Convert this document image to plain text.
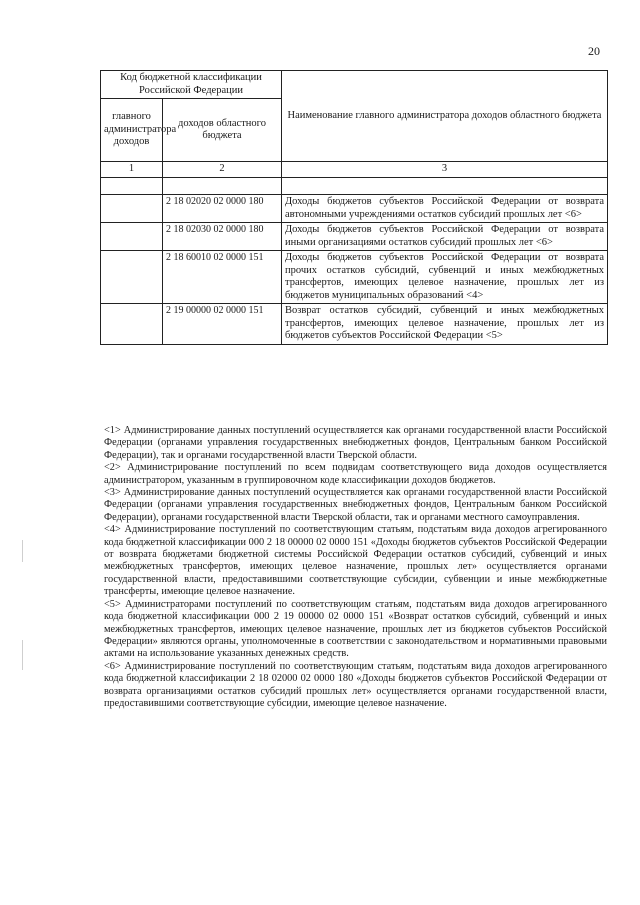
20
Код бюджетной классификации Российской Федерации		Наименование главного администратора доходов областного бюджета
главного администратора доходов	доходов областного бюджета	
1	2	3

	2 18 02020 02 0000 180	Доходы бюджетов субъектов Российской Федерации от возврата автономными учреждениями остатков субсидий прошлых лет <6>
	2 18 02030 02 0000 180	Доходы бюджетов субъектов Российской Федерации от возврата иными организациями остатков субсидий прошлых лет <6>
	2 18 60010 02 0000 151	Доходы бюджетов субъектов Российской Федерации от возврата прочих остатков субсидий, субвенций и иных межбюджетных трансфертов, имеющих целевое назначение, прошлых лет из бюджетов муниципальных образований <4>
	2 19 00000 02 0000 151	Возврат остатков субсидий, субвенций и иных межбюджетных трансфертов, имеющих целевое назначение, прошлых лет из бюджетов субъектов Российской Федерации <5>

<1> Администрирование данных поступлений осуществляется как органами государственной власти Российской Федерации (органами управления государственных внебюджетных фондов, Центральным банком Российской Федерации), так и органами государственной власти Тверской области.

<2> Администрирование поступлений по всем подвидам соответствующего вида доходов осуществляется администратором, указанным в группировочном коде классификации доходов бюджетов.

<3> Администрирование данных поступлений осуществляется как органами государственной власти Российской Федерации (органами управления государственных внебюджетных фондов, Центральным банком Российской Федерации), органами государственной власти Тверской области, так и органами местного самоуправления.

<4> Администрирование поступлений по соответствующим статьям, подстатьям вида доходов агрегированного кода бюджетной классификации 000 2 18 00000 02 0000 151 «Доходы бюджетов субъектов Российской Федерации от возврата бюджетами бюджетной системы Российской Федерации остатков субсидий, субвенций и иных межбюджетных трансфертов, имеющих целевое назначение, прошлых лет» осуществляется органами государственной власти, предоставившими соответствующие субсидии, субвенции и иные межбюджетные трансферты, имеющие целевое назначение.

<5> Администраторами поступлений по соответствующим статьям, подстатьям вида доходов агрегированного кода бюджетной классификации 000 2 19 00000 02 0000 151 «Возврат остатков субсидий, субвенций и иных межбюджетных трансфертов, имеющих целевое назначение, прошлых лет из бюджетов субъектов Российской Федерации» являются органы, уполномоченные в соответствии с законодательством и нормативными правовыми актами на использование указанных денежных средств.

<6> Администрирование поступлений по соответствующим статьям, подстатьям вида доходов агрегированного кода бюджетной классификации 2 18 02000 02 0000 180 «Доходы бюджетов субъектов Российской Федерации от возврата организациями остатков субсидий прошлых лет» осуществляется органами государственной власти, предоставившими соответствующие субсидии, имеющие целевое назначение.
